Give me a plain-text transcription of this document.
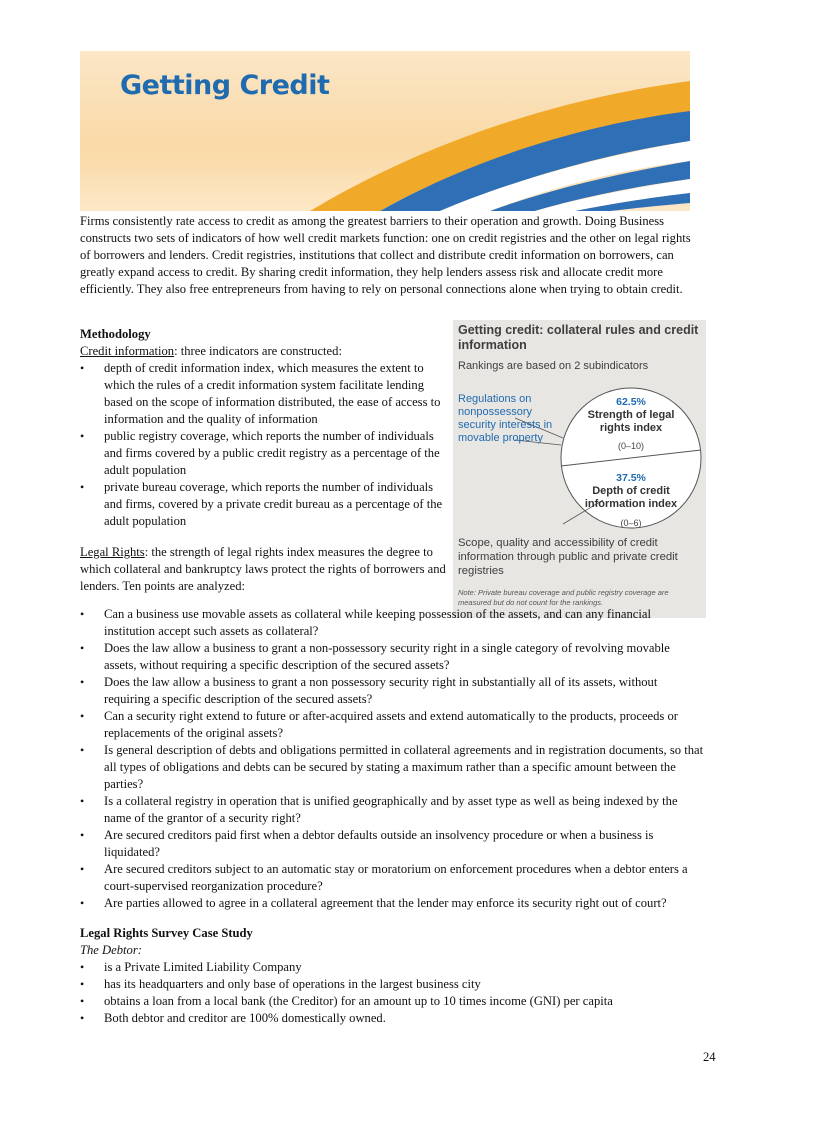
Getting Credit

Firms consistently rate access to credit as among the greatest barriers to their operation and growth. Doing Business constructs two sets of indicators of how well credit markets function: one on credit registries and the other on legal rights of borrowers and lenders. Credit registries, institutions that collect and distribute credit information on borrowers, can greatly expand access to credit. By sharing credit information, they help lenders assess risk and allocate credit more efficiently. They also free entrepreneurs from having to rely on personal connections alone when trying to obtain credit.

Methodology
Credit information: three indicators are constructed:
• depth of credit information index, which measures the extent to which the rules of a credit information system facilitate lending based on the scope of information distributed, the ease of access to information and the quality of information
• public registry coverage, which reports the number of individuals and firms covered by a public credit registry as a percentage of the adult population
• private bureau coverage, which reports the number of individuals and firms, covered by a private credit bureau as a percentage of the adult population

Legal Rights: the strength of legal rights index measures the degree to which collateral and bankruptcy laws protect the rights of borrowers and lenders. Ten points are analyzed:

Getting credit: collateral rules and credit information
Rankings are based on 2 subindicators
Regulations on nonpossessory security interests in movable property
62.5%
Strength of legal rights index
(0–10)
37.5%
Depth of credit information index
(0–6)
Scope, quality and accessibility of credit information through public and private credit registries
Note: Private bureau coverage and public registry coverage are measured but do not count for the rankings.
• Can a business use movable assets as collateral while keeping possession of the assets, and can any financial institution accept such assets as collateral?
• Does the law allow a business to grant a non-possessory security right in a single category of revolving movable assets, without requiring a specific description of the secured assets?
• Does the law allow a business to grant a non possessory security right in substantially all of its assets, without requiring a specific description of the secured assets?
• Can a security right extend to future or after-acquired assets and extend automatically to the products, proceeds or replacements of the original assets?
• Is general description of debts and obligations permitted in collateral agreements and in registration documents, so that all types of obligations and debts can be secured by stating a maximum rather than a specific amount between the parties?
• Is a collateral registry in operation that is unified geographically and by asset type as well as being indexed by the name of the grantor of a security right?
• Are secured creditors paid first when a debtor defaults outside an insolvency procedure or when a business is liquidated?
• Are secured creditors subject to an automatic stay or moratorium on enforcement procedures when a debtor enters a court-supervised reorganization procedure?
• Are parties allowed to agree in a collateral agreement that the lender may enforce its security right out of court?
Legal Rights Survey Case Study
The Debtor:
• is a Private Limited Liability Company
• has its headquarters and only base of operations in the largest business city
• obtains a loan from a local bank (the Creditor) for an amount up to 10 times income (GNI) per capita
• Both debtor and creditor are 100% domestically owned.
24
